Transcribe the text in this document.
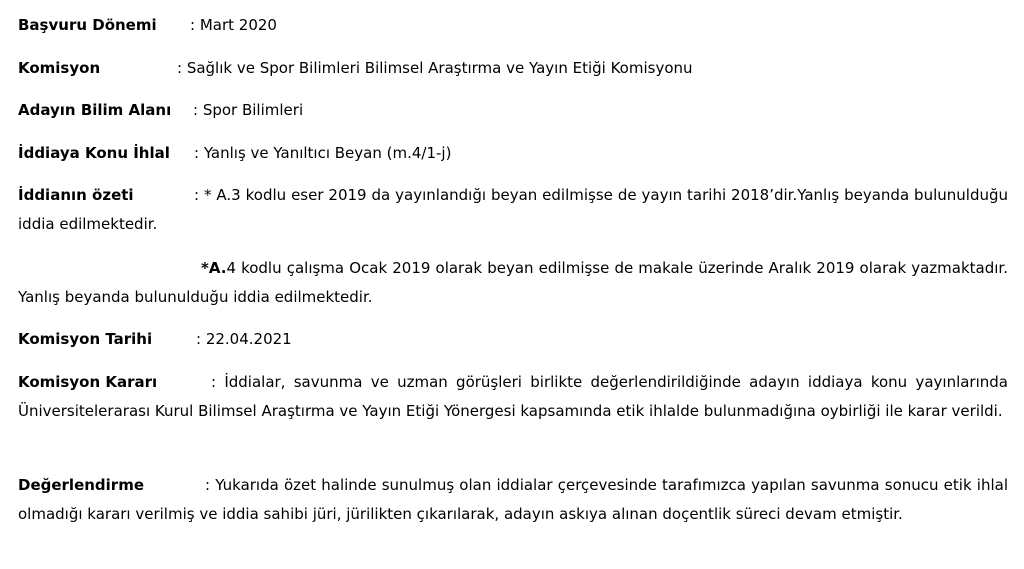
Başvuru Dönemi : Mart 2020
Komisyon	: Sağlık ve Spor Bilimleri Bilimsel Araştırma ve Yayın Etiği Komisyonu
Adayın Bilim Alanı : Spor Bilimleri
İddiaya Konu İhlal : Yanlış ve Yanıltıcı Beyan (m.4/1-j)
İddianın özeti	: * A.3 kodlu eser 2019 da yayınlandığı beyan edilmişse de yayın tarihi 2018’dir.Yanlış beyanda bulunulduğu iddia edilmektedir.
*A.4 kodlu çalışma Ocak 2019 olarak beyan edilmişse de makale üzerinde Aralık 2019 olarak yazmaktadır. Yanlış beyanda bulunulduğu iddia edilmektedir.
Komisyon Tarihi	: 22.04.2021
Komisyon Kararı	: İddialar, savunma ve uzman görüşleri birlikte değerlendirildiğinde adayın iddiaya konu yayınlarında Üniversitelerarası Kurul Bilimsel Araştırma ve Yayın Etiği Yönergesi kapsamında etik ihlalde bulunmadığına oybirliği ile karar verildi.
Değerlendirme	: Yukarıda özet halinde sunulmuş olan iddialar çerçevesinde tarafımızca yapılan savunma sonucu etik ihlal olmadığı kararı verilmiş ve iddia sahibi jüri, jürilikten çıkarılarak, adayın askıya alınan doçentlik süreci devam etmiştir.
